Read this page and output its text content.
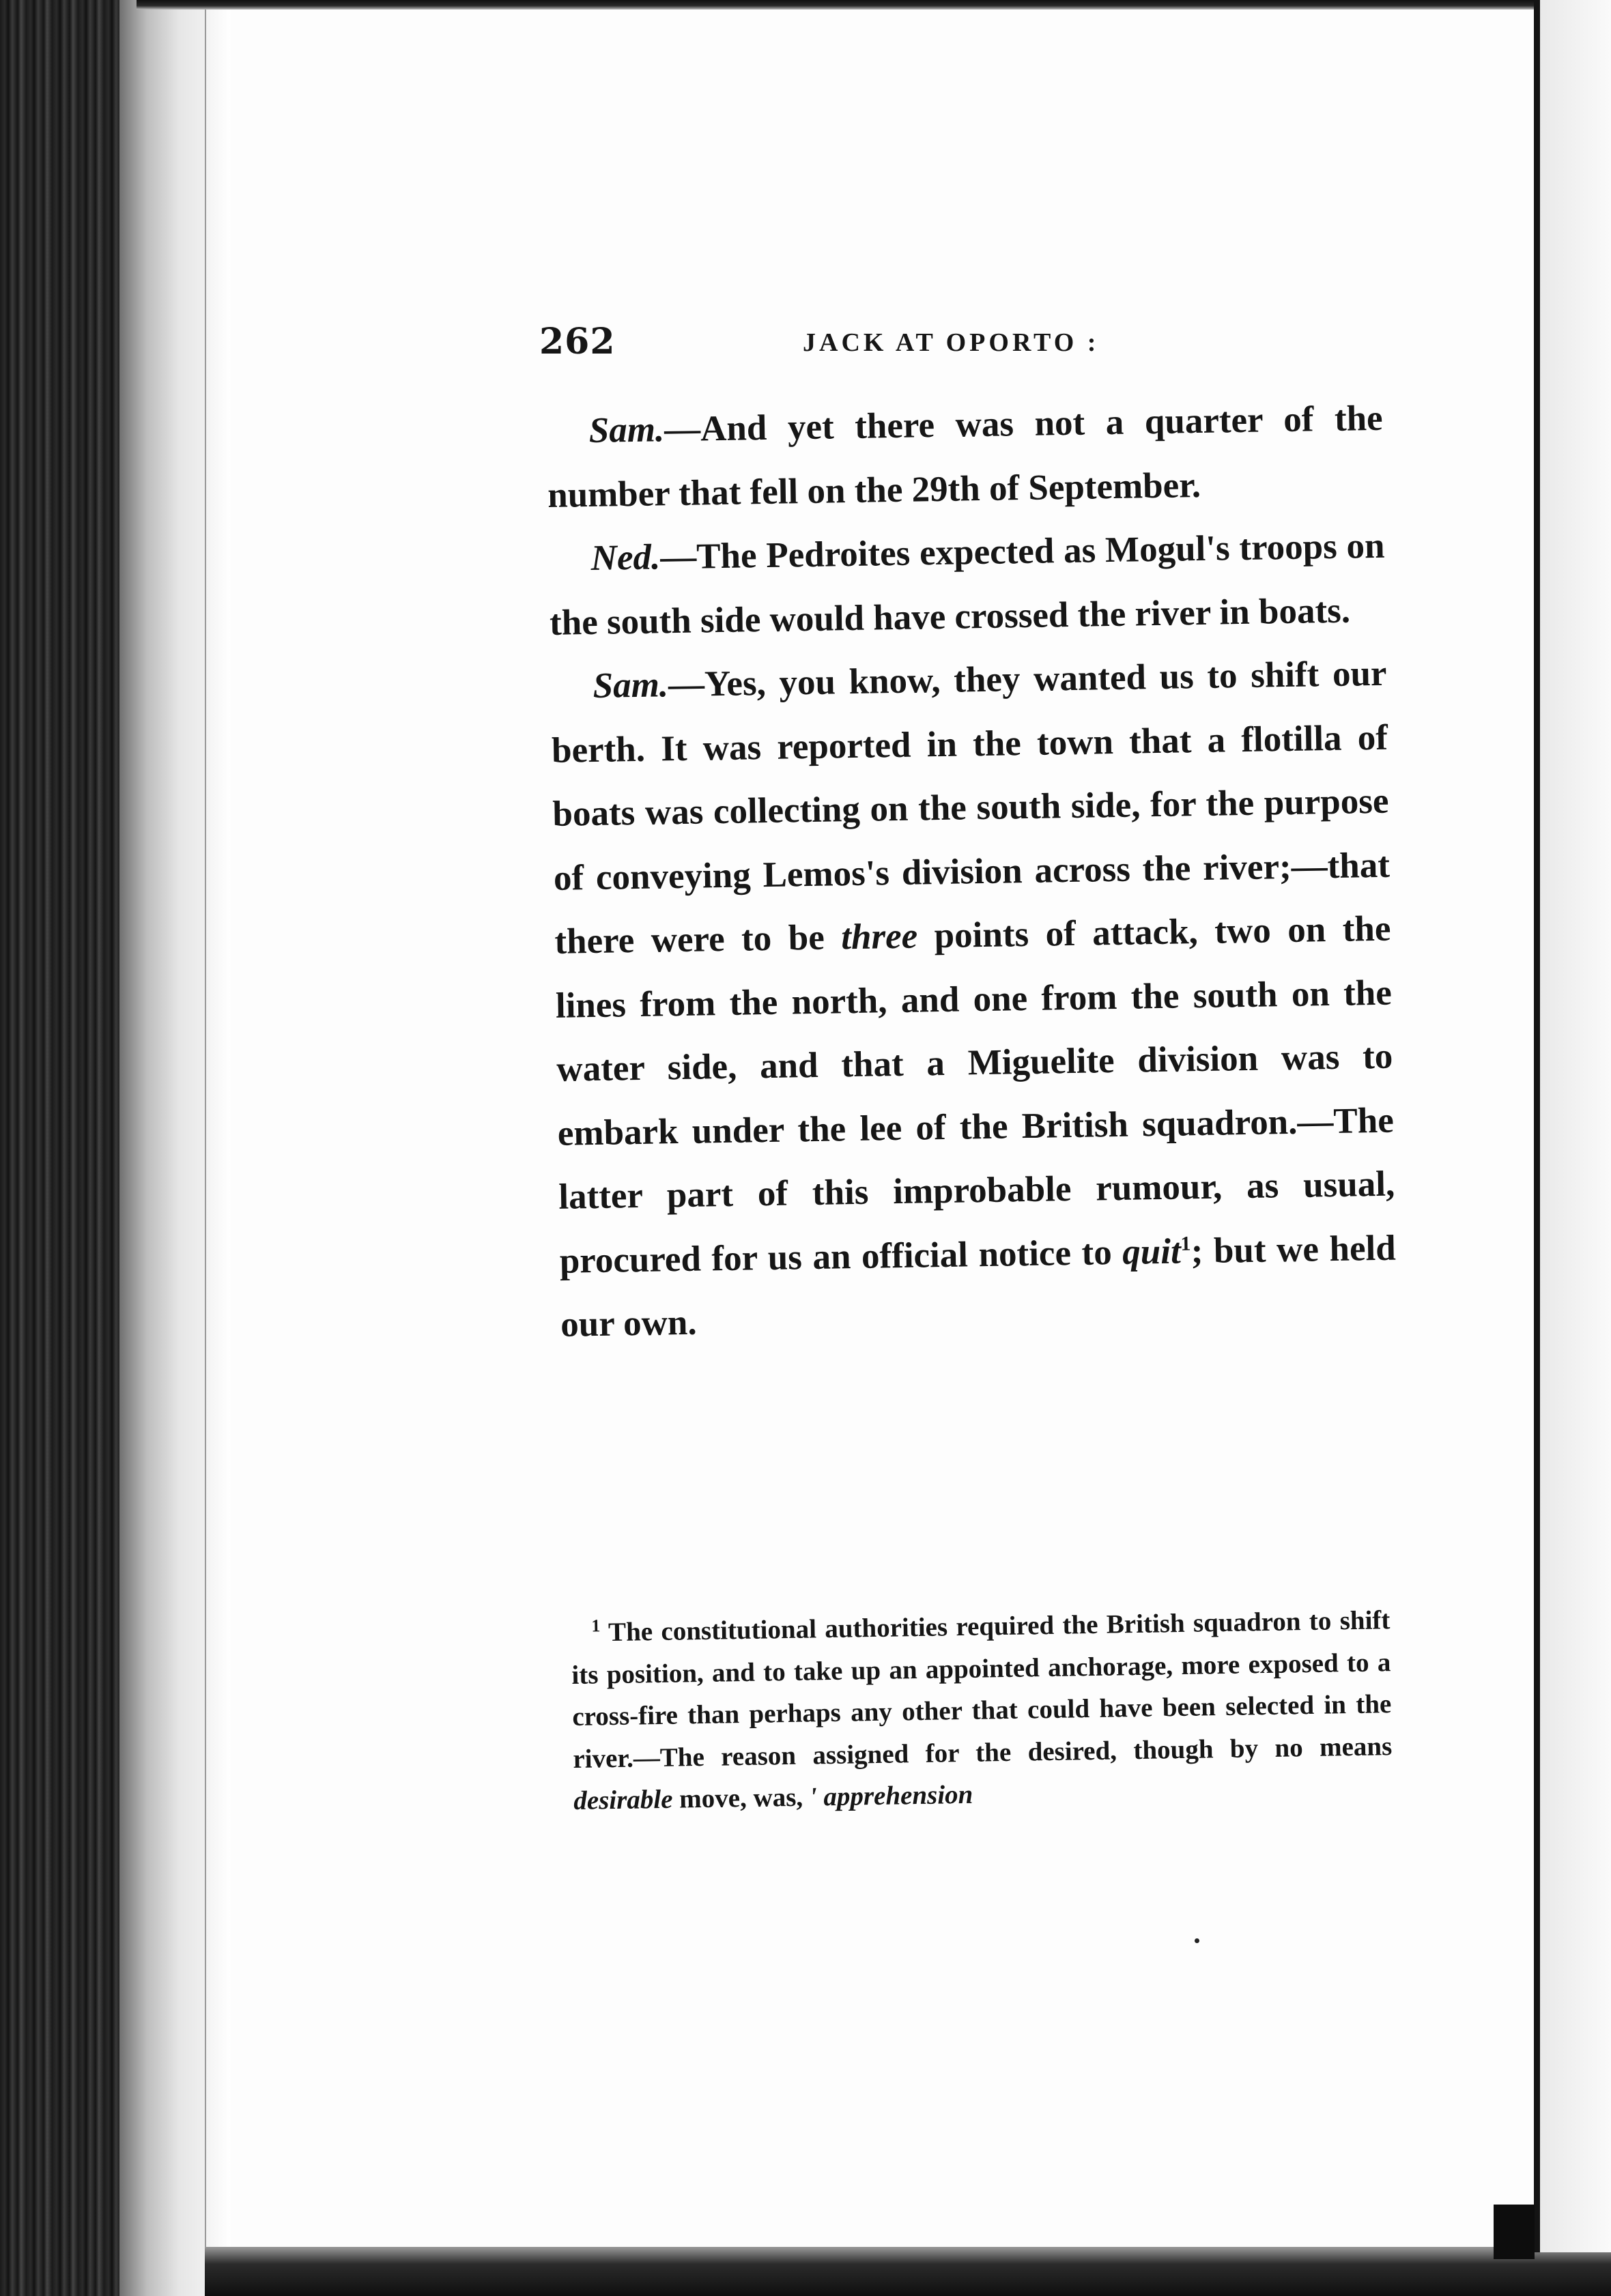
262	JACK AT OPORTO :

Sam.—And yet there was not a quarter of the number that fell on the 29th of September.

Ned.—The Pedroites expected as Mogul's troops on the south side would have crossed the river in boats.

Sam.—Yes, you know, they wanted us to shift our berth. It was reported in the town that a flotilla of boats was collecting on the south side, for the purpose of conveying Lemos's division across the river;—that there were to be three points of attack, two on the lines from the north, and one from the south on the water side, and that a Miguelite division was to embark under the lee of the British squadron.—The latter part of this improbable rumour, as usual, procured for us an official notice to quit$^1$; but we held our own.

$^1$ The constitutional authorities required the British squadron to shift its position, and to take up an appointed anchorage, more exposed to a cross-fire than perhaps any other that could have been selected in the river.—The reason assigned for the desired, though by no means desirable move, was, ' apprehension
